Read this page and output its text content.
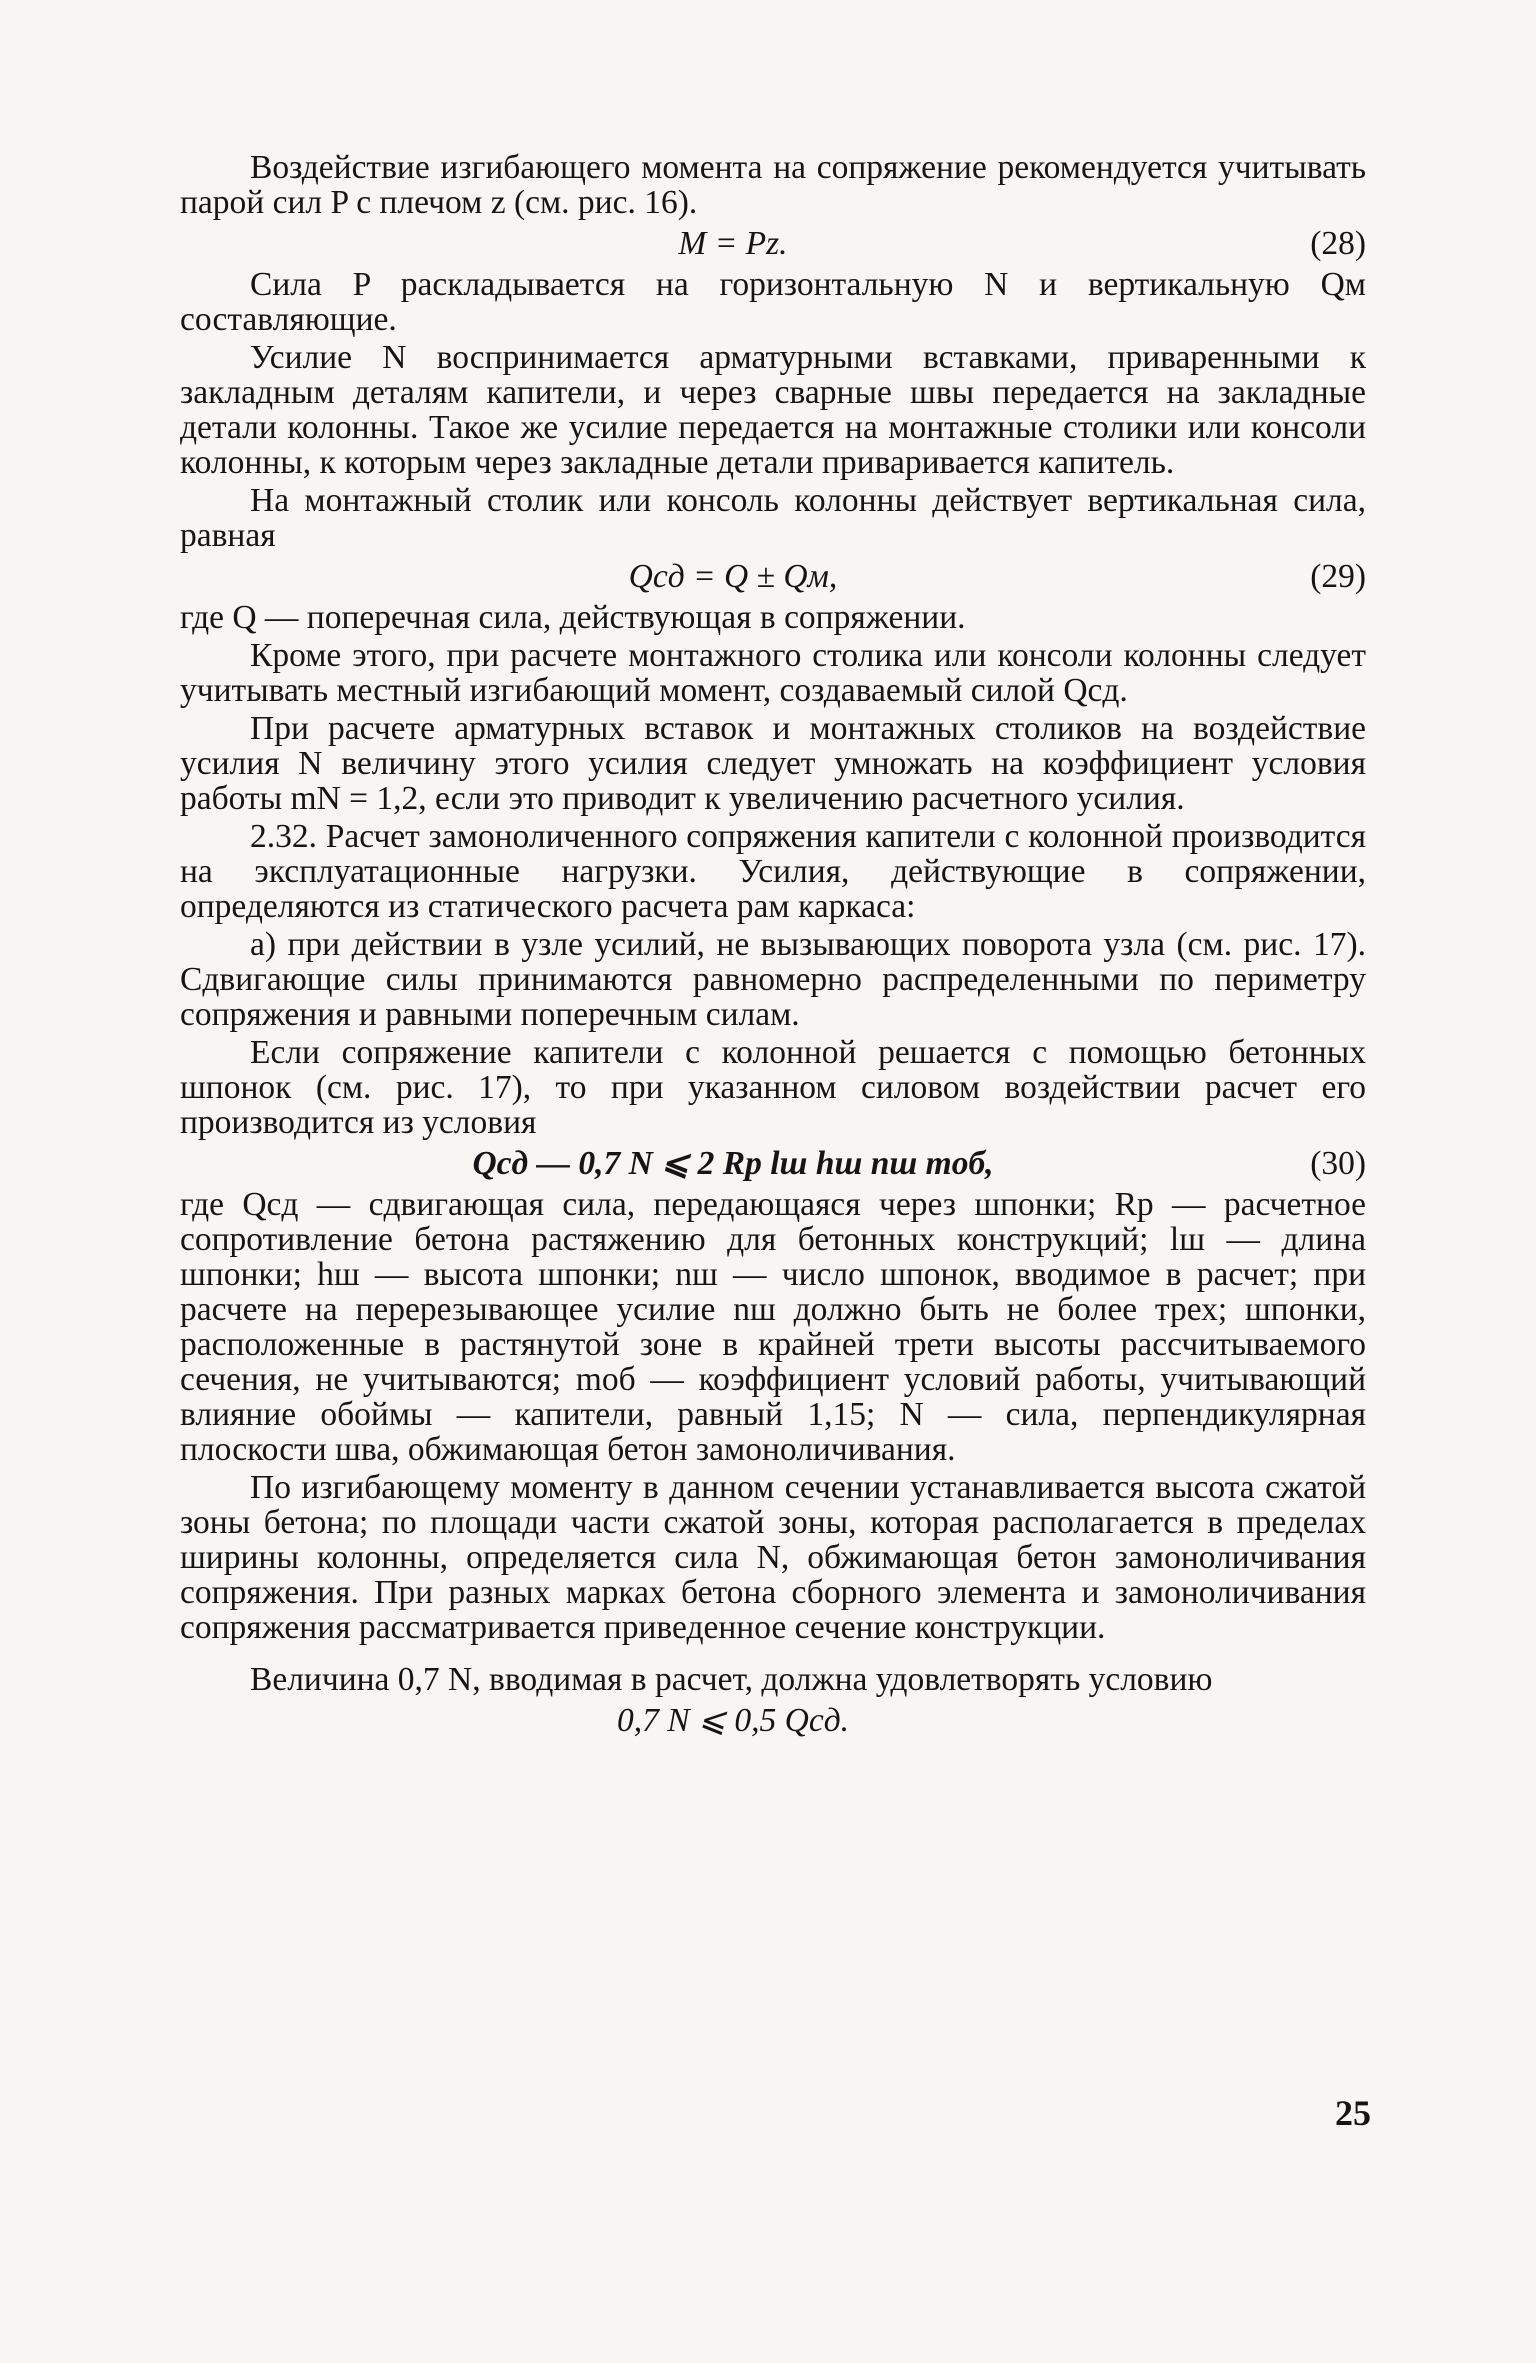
Воздействие изгибающего момента на сопряжение рекомендуется учитывать парой сил P с плечом z (см. рис. 16).

M = Pz.	(28)

Сила P раскладывается на горизонтальную N и вертикальную Qм составляющие.

Усилие N воспринимается арматурными вставками, приваренными к закладным деталям капители, и через сварные швы передается на закладные детали колонны. Такое же усилие передается на монтажные столики или консоли колонны, к которым через закладные детали приваривается капитель.

На монтажный столик или консоль колонны действует вертикальная сила, равная

Qсд = Q ± Qм,	(29)

где Q — поперечная сила, действующая в сопряжении.

Кроме этого, при расчете монтажного столика или консоли колонны следует учитывать местный изгибающий момент, создаваемый силой Qсд.

При расчете арматурных вставок и монтажных столиков на воздействие усилия N величину этого усилия следует умножать на коэффициент условия работы mN = 1,2, если это приводит к увеличению расчетного усилия.

2.32. Расчет замоноличенного сопряжения капители с колонной производится на эксплуатационные нагрузки. Усилия, действующие в сопряжении, определяются из статического расчета рам каркаса:

а) при действии в узле усилий, не вызывающих поворота узла (см. рис. 17). Сдвигающие силы принимаются равномерно распределенными по периметру сопряжения и равными поперечным силам.

Если сопряжение капители с колонной решается с помощью бетонных шпонок (см. рис. 17), то при указанном силовом воздействии расчет его производится из условия

Qсд — 0,7 N ⩽ 2 Rp lш hш nш mоб,	(30)

где Qсд — сдвигающая сила, передающаяся через шпонки; Rp — расчетное сопротивление бетона растяжению для бетонных конструкций; lш — длина шпонки; hш — высота шпонки; nш — число шпонок, вводимое в расчет; при расчете на перерезывающее усилие nш должно быть не более трех; шпонки, расположенные в растянутой зоне в крайней трети высоты рассчитываемого сечения, не учитываются; mоб — коэффициент условий работы, учитывающий влияние обоймы — капители, равный 1,15; N — сила, перпендикулярная плоскости шва, обжимающая бетон замоноличивания.

По изгибающему моменту в данном сечении устанавливается высота сжатой зоны бетона; по площади части сжатой зоны, которая располагается в пределах ширины колонны, определяется сила N, обжимающая бетон замоноличивания сопряжения. При разных марках бетона сборного элемента и замоноличивания сопряжения рассматривается приведенное сечение конструкции.

Величина 0,7 N, вводимая в расчет, должна удовлетворять условию

0,7 N ⩽ 0,5 Qсд.
25
